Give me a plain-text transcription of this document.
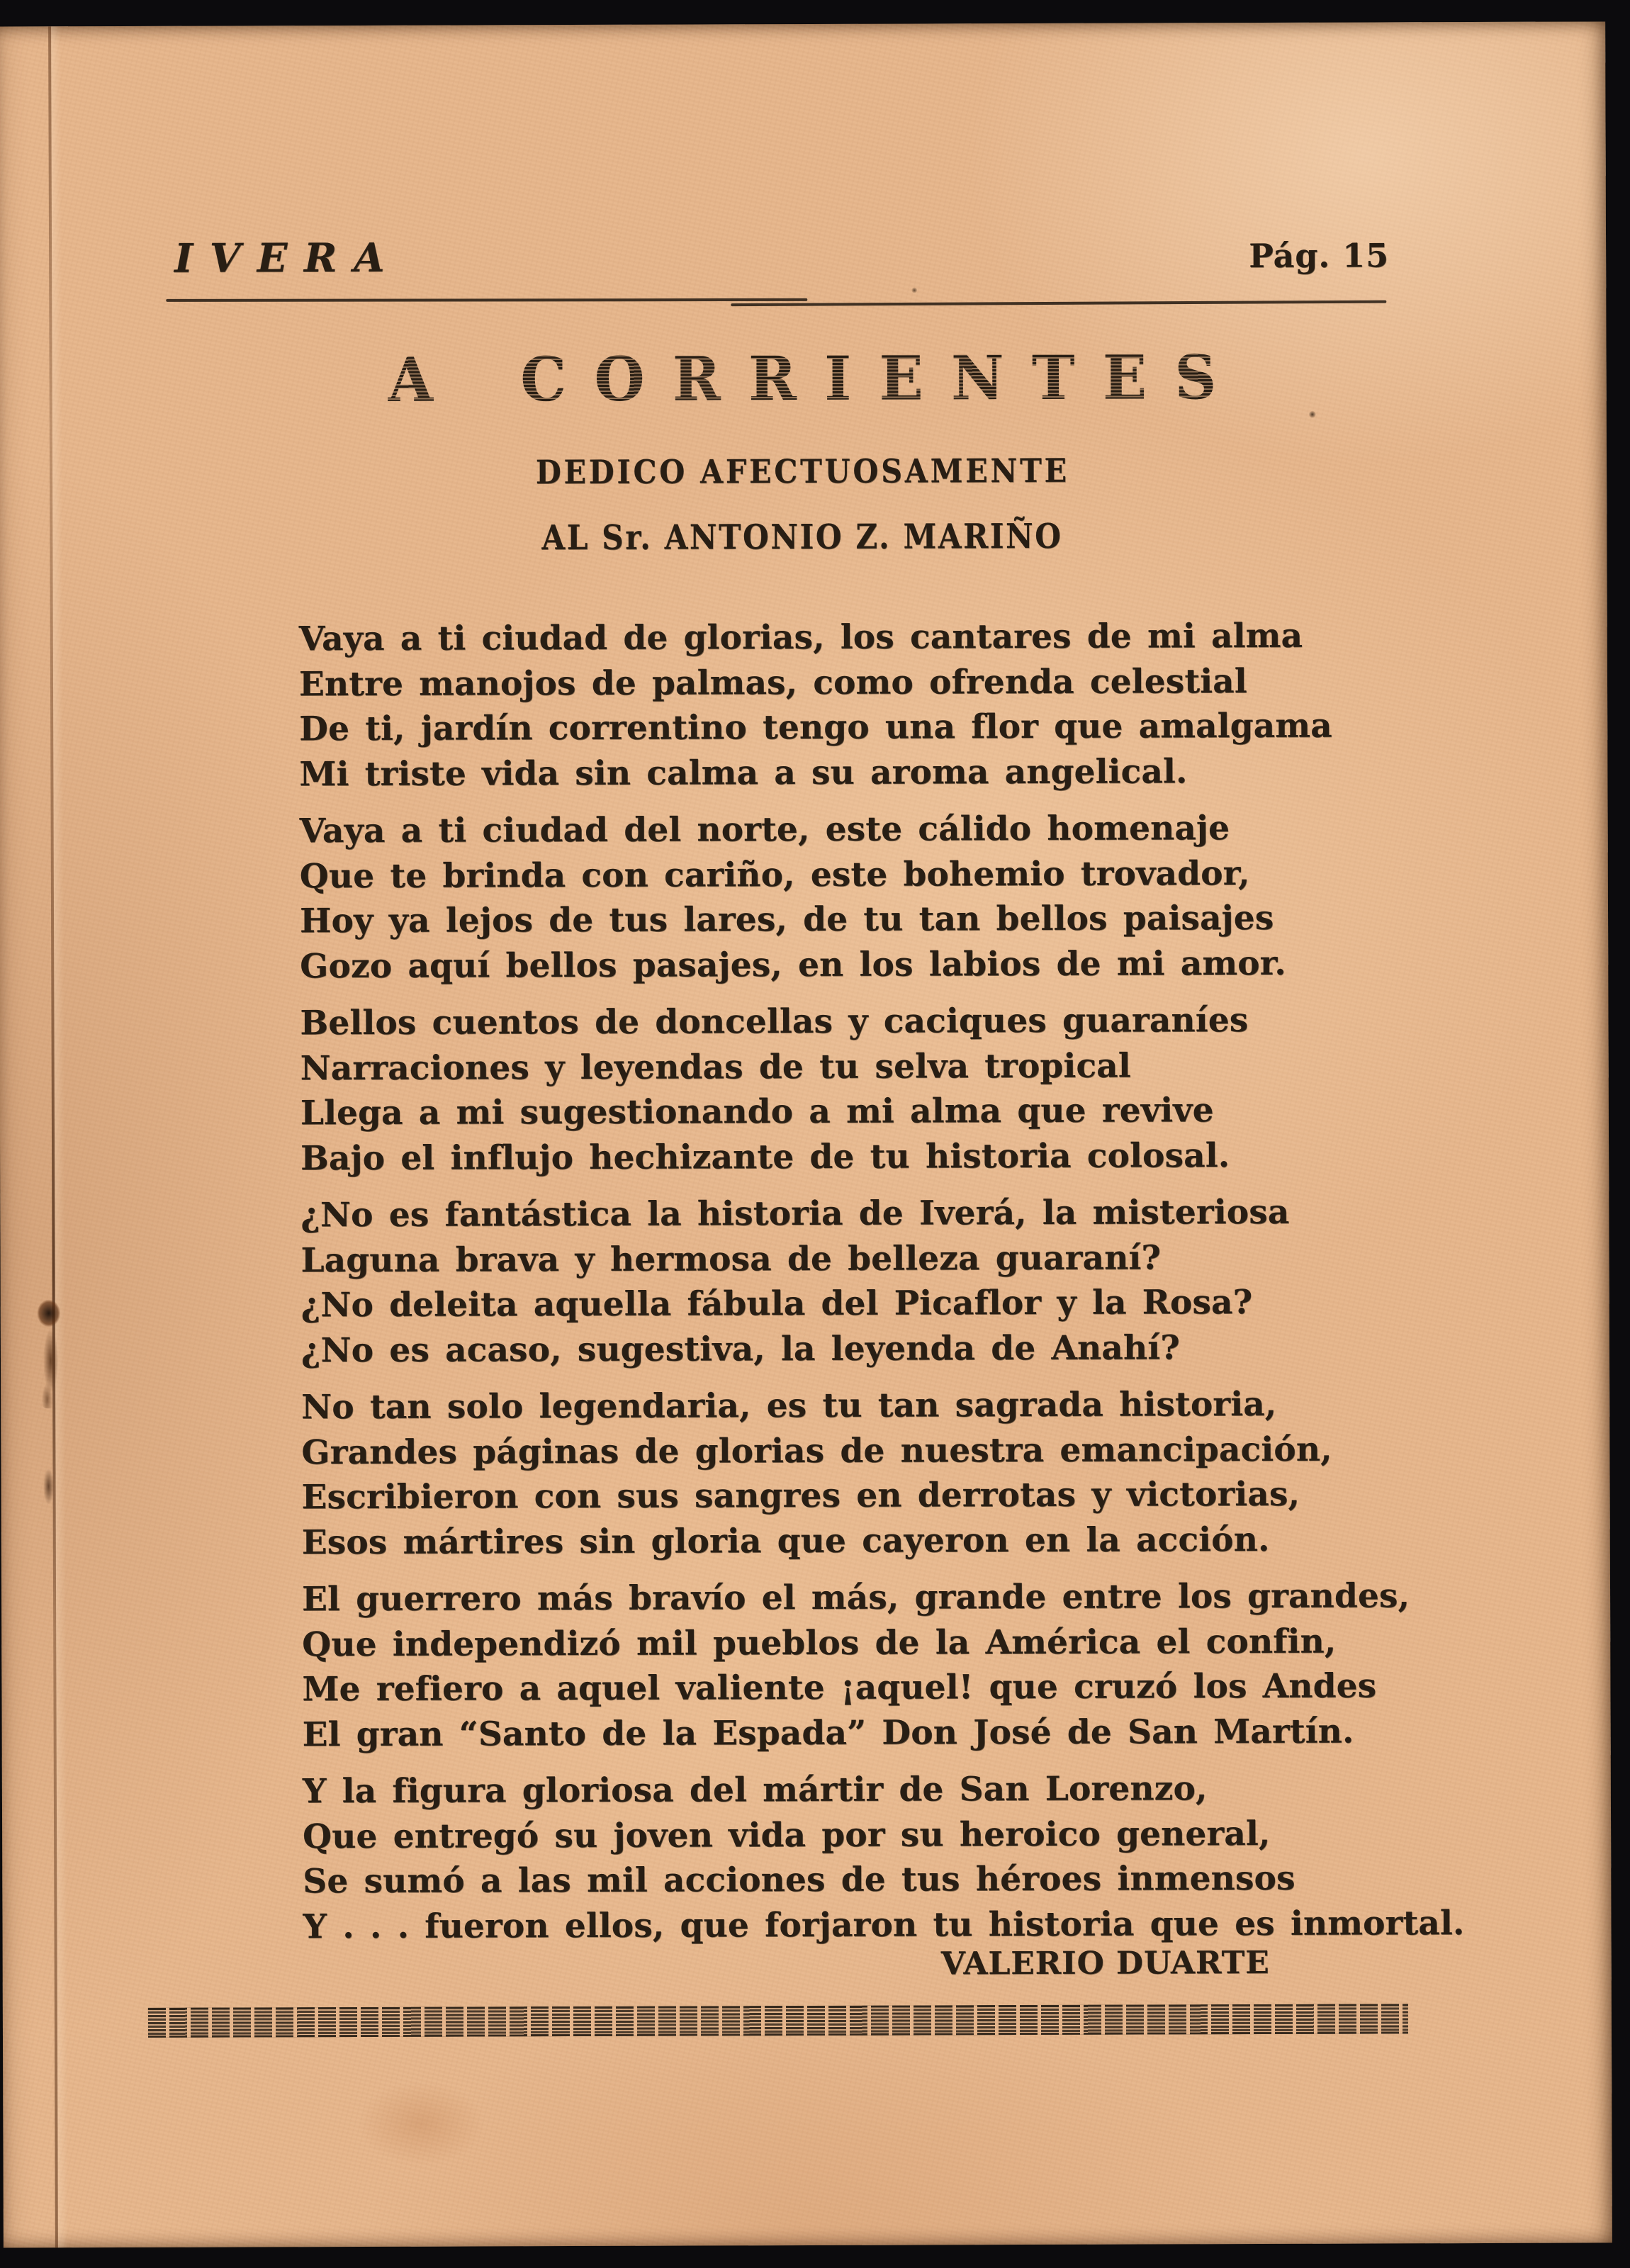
IVERA	Pág. 15
A CORRIENTES
DEDICO AFECTUOSAMENTE
AL Sr. ANTONIO Z. MARIÑO

Vaya a ti ciudad de glorias, los cantares de mi alma

Entre manojos de palmas, como ofrenda celestial

De ti, jardín correntino tengo una flor que amalgama

Mi triste vida sin calma a su aroma angelical.

Vaya a ti ciudad del norte, este cálido homenaje

Que te brinda con cariño, este bohemio trovador,

Hoy ya lejos de tus lares, de tu tan bellos paisajes

Gozo aquí bellos pasajes, en los labios de mi amor.

Bellos cuentos de doncellas y caciques guaraníes

Narraciones y leyendas de tu selva tropical

Llega a mi sugestionando a mi alma que revive

Bajo el influjo hechizante de tu historia colosal.

¿No es fantástica la historia de Iverá, la misteriosa

Laguna brava y hermosa de belleza guaraní?

¿No deleita aquella fábula del Picaflor y la Rosa?

¿No es acaso, sugestiva, la leyenda de Anahí?

No tan solo legendaria, es tu tan sagrada historia,

Grandes páginas de glorias de nuestra emancipación,

Escribieron con sus sangres en derrotas y victorias,

Esos mártires sin gloria que cayeron en la acción.

El guerrero más bravío el más, grande entre los grandes,

Que independizó mil pueblos de la América el confin,

Me refiero a aquel valiente ¡aquel! que cruzó los Andes

El gran “Santo de la Espada” Don José de San Martín.

Y la figura gloriosa del mártir de San Lorenzo,

Que entregó su joven vida por su heroico general,

Se sumó a las mil acciones de tus héroes inmensos

Y . . . fueron ellos, que forjaron tu historia que es inmortal.

VALERIO DUARTE
